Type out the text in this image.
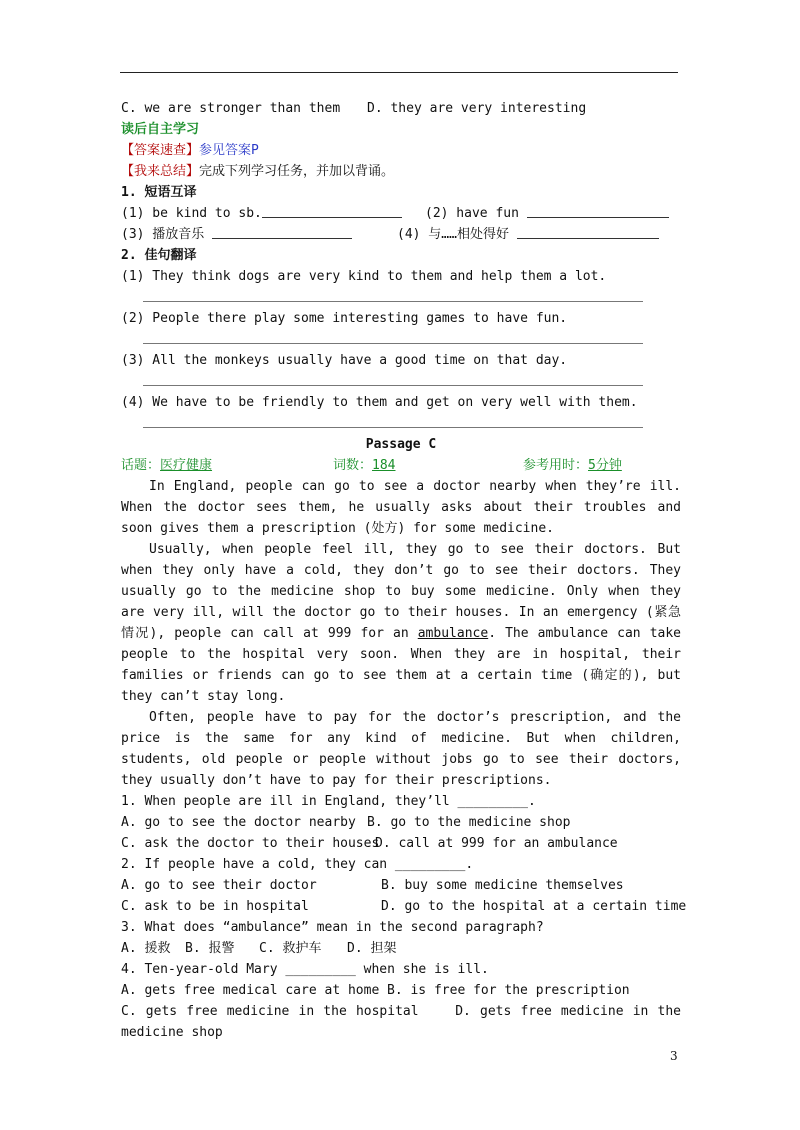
C. we are stronger than them D. they are very interesting
读后自主学习
【答案速查】参见答案P
【我来总结】完成下列学习任务，并加以背诵。
1. 短语互译
(1) be kind to sb.	(2) have fun
(3) 播放音乐	(4) 与……相处得好
2. 佳句翻译
(1) They think dogs are very kind to them and help them a lot.
(2) People there play some interesting games to have fun.
(3) All the monkeys usually have a good time on that day.
(4) We have to be friendly to them and get on very well with them.
Passage C
话题：医疗健康	词数：184	参考用时：5分钟
In England, people can go to see a doctor nearby when they’re ill. When the doctor sees them, he usually asks about their troubles and soon gives them a prescription (处方) for some medicine.
Usually, when people feel ill, they go to see their doctors. But when they only have a cold, they don’t go to see their doctors. They usually go to the medicine shop to buy some medicine. Only when they are very ill, will the doctor go to their houses. In an emergency (紧急情况), people can call at 999 for an ambulance. The ambulance can take people to the hospital very soon. When they are in hospital, their families or friends can go to see them at a certain time (确定的), but they can’t stay long.
Often, people have to pay for the doctor’s prescription, and the price is the same for any kind of medicine. But when children, students, old people or people without jobs go to see their doctors, they usually don’t have to pay for their prescriptions.
1. When people are ill in England, they’ll _________.
A. go to see the doctor nearby B. go to the medicine shop
C. ask the doctor to their houses
D. call at 999 for an ambulance
2. If people have a cold, they can _________.
A. go to see their doctor	B. buy some medicine themselves
C. ask to be in hospital	D. go to the hospital at a certain time
3. What does “ambulance” mean in the second paragraph?
A. 援救 B. 报警 C. 救护车 D. 担架
4. Ten-year-old Mary _________ when she is ill.
A. gets free medical care at home B. is free for the prescription
C. gets free medicine in the hospital	D. gets free medicine in the medicine shop
3
